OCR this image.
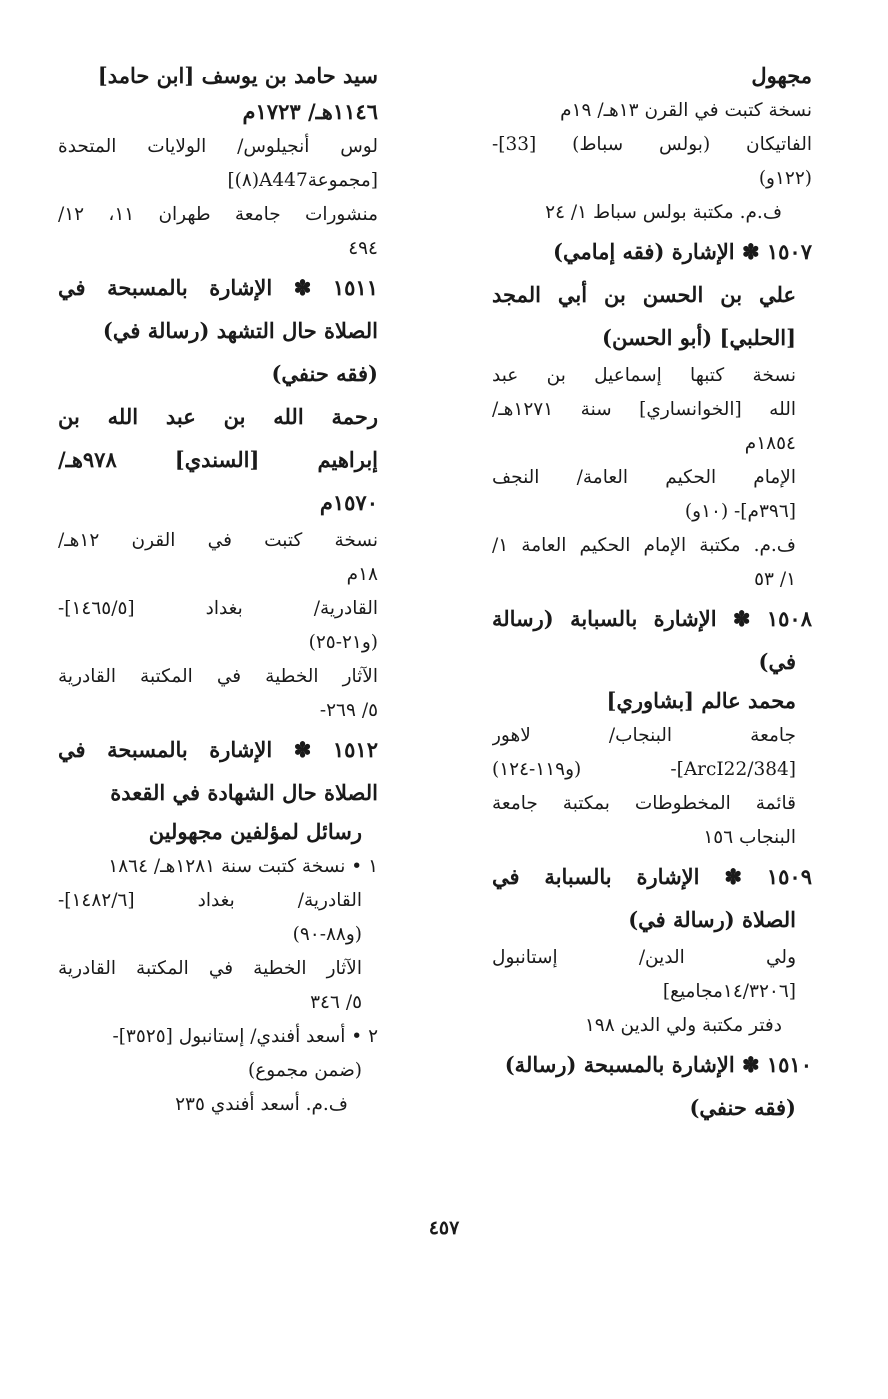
مجهول
نسخة كتبت في القرن ١٣هـ/ ١٩م
الفاتيكان (بولس سباط) [33]-
(١٢٢و)
ف.م. مكتبة بولس سباط ١/ ٢٤
١٥٠٧ ✽ الإشارة (فقه إمامي)
علي بن الحسن بن أبي المجد
[الحلبي] (أبو الحسن)
نسخة كتبها إسماعيل بن عبد
الله [الخوانساري] سنة ١٢٧١هـ/
١٨٥٤م
الإمام الحكيم العامة/ النجف
[٣٩٦م]- (١٠و)
ف.م. مكتبة الإمام الحكيم العامة ١/
١/ ٥٣
١٥٠٨ ✽ الإشارة بالسبابة (رسالة
في)
محمد عالم [بشاوري]
جامعة البنجاب/ لاهور
[ArcI22/384]- (و١١٩-١٢٤)
قائمة المخطوطات بمكتبة جامعة
البنجاب ١٥٦
١٥٠٩ ✽ الإشارة بالسبابة في
الصلاة (رسالة في)
ولي الدين/ إستانبول
[١٤/٣٢٠٦مجاميع]
دفتر مكتبة ولي الدين ١٩٨
١٥١٠ ✽ الإشارة بالمسبحة (رسالة)
(فقه حنفي)
سيد حامد بن يوسف [ابن حامد]
١١٤٦هـ/ ١٧٢٣م
لوس أنجيلوس/ الولايات المتحدة
[مجموعةA447(٨)]
منشورات جامعة طهران ١١، ١٢/
٤٩٤
١٥١١ ✽ الإشارة بالمسبحة في
الصلاة حال التشهد (رسالة في)
(فقه حنفي)
رحمة الله بن عبد الله بن
إبراهيم [السندي] ٩٧٨هـ/
١٥٧٠م
نسخة كتبت في القرن ١٢هـ/
١٨م
القادرية/ بغداد [١٤٦٥/٥]-
(و٢١-٢٥)
الآثار الخطية في المكتبة القادرية
٥/ ٢٦٩-
١٥١٢ ✽ الإشارة بالمسبحة في
الصلاة حال الشهادة في القعدة
رسائل لمؤلفين مجهولين
١ • نسخة كتبت سنة ١٢٨١هـ/ ١٨٦٤
القادرية/ بغداد [١٤٨٢/٦]-
(و٨٨-٩٠)
الآثار الخطية في المكتبة القادرية
٥/ ٣٤٦
٢ • أسعد أفندي/ إستانبول [٣٥٢٥]-
(ضمن مجموع)
ف.م. أسعد أفندي ٢٣٥
٤٥٧
